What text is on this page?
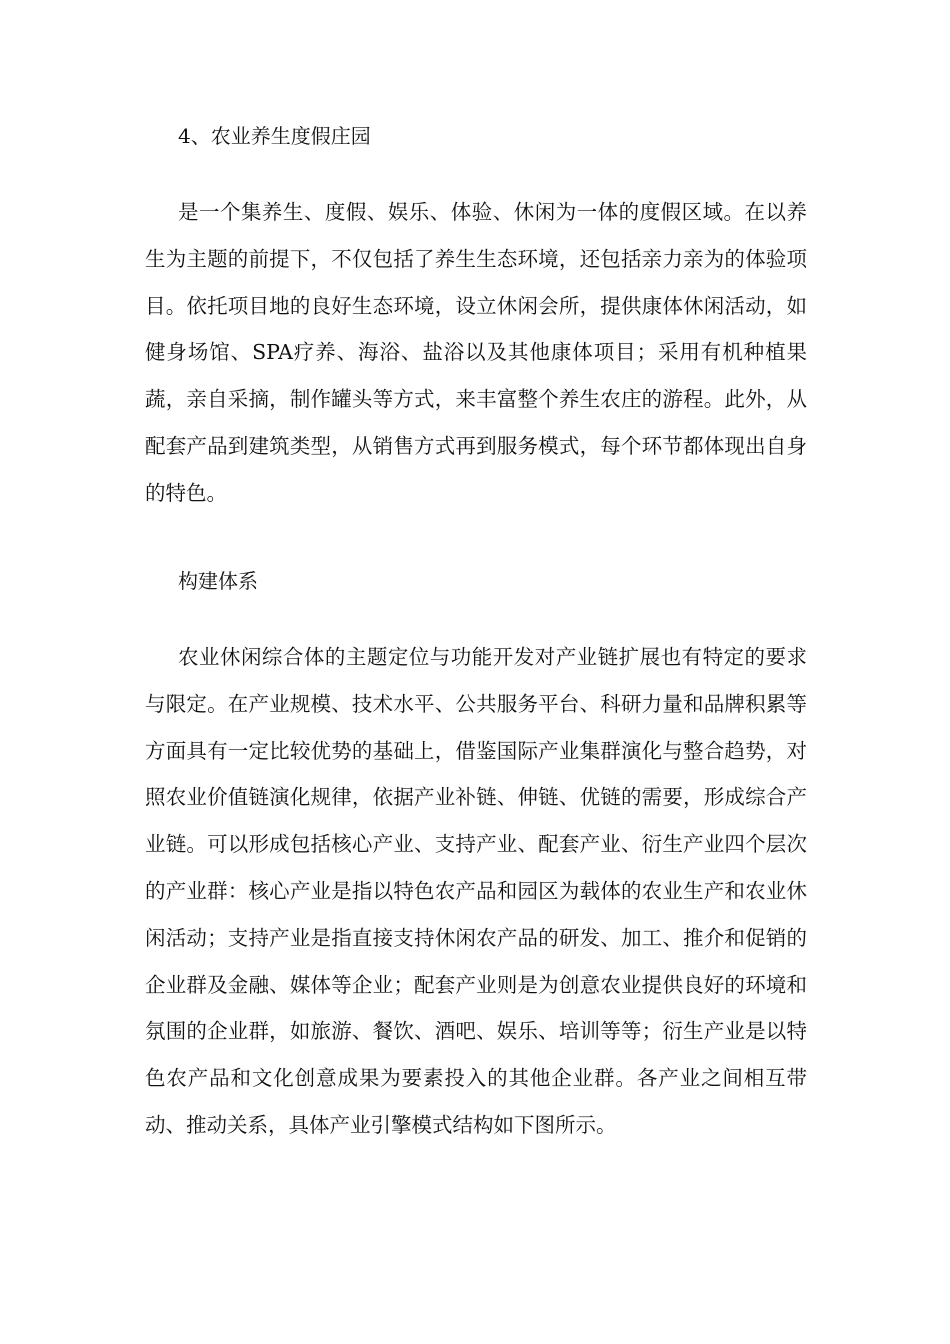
4、农业养生度假庄园

是一个集养生、度假、娱乐、体验、休闲为一体的度假区域。在以养生为主题的前提下，不仅包括了养生生态环境，还包括亲力亲为的体验项目。依托项目地的良好生态环境，设立休闲会所，提供康体休闲活动，如健身场馆、SPA疗养、海浴、盐浴以及其他康体项目；采用有机种植果蔬，亲自采摘，制作罐头等方式，来丰富整个养生农庄的游程。此外，从配套产品到建筑类型，从销售方式再到服务模式，每个环节都体现出自身的特色。

构建体系

农业休闲综合体的主题定位与功能开发对产业链扩展也有特定的要求与限定。在产业规模、技术水平、公共服务平台、科研力量和品牌积累等方面具有一定比较优势的基础上，借鉴国际产业集群演化与整合趋势，对照农业价值链演化规律，依据产业补链、伸链、优链的需要，形成综合产业链。可以形成包括核心产业、支持产业、配套产业、衍生产业四个层次的产业群：核心产业是指以特色农产品和园区为载体的农业生产和农业休闲活动；支持产业是指直接支持休闲农产品的研发、加工、推介和促销的企业群及金融、媒体等企业；配套产业则是为创意农业提供良好的环境和氛围的企业群，如旅游、餐饮、酒吧、娱乐、培训等等；衍生产业是以特色农产品和文化创意成果为要素投入的其他企业群。各产业之间相互带动、推动关系，具体产业引擎模式结构如下图所示。
